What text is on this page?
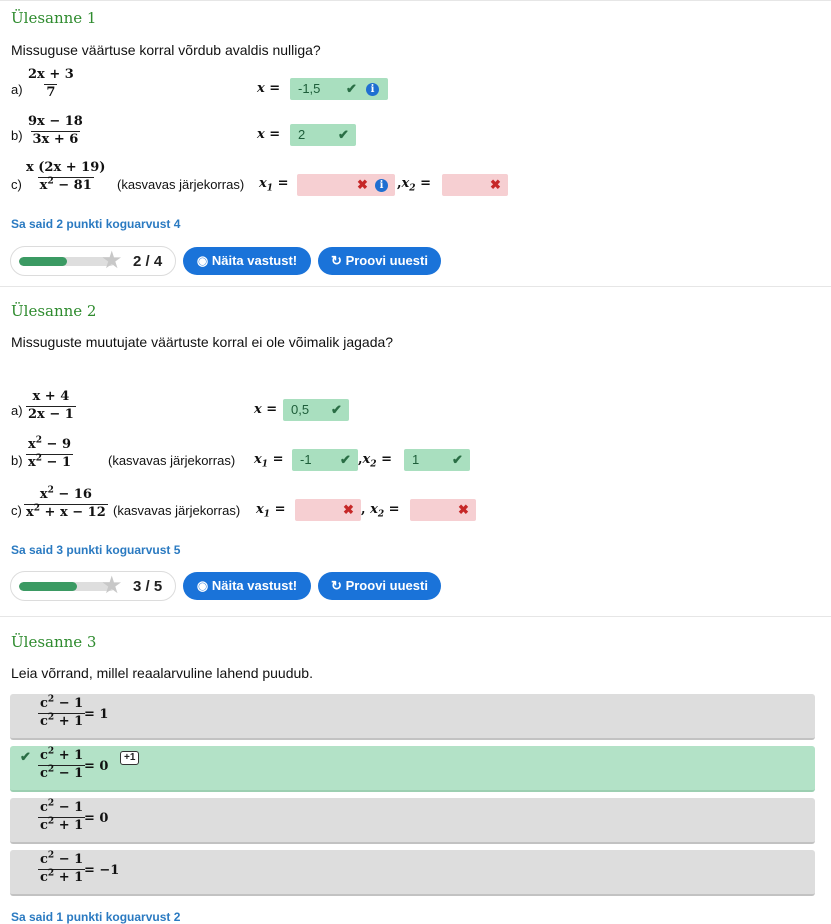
Ülesanne 1
Missuguse väärtuse korral võrdub avaldis nulliga?
$a) \frac{2x + 3}{7}$	x =	-1,5 ✔	i
$b) \frac{9x - 18}{3x + 6}$	x =	2	✔
$c) \frac{x (2x + 19)}{x^2 - 81}$ (kasvavas järjekorras) $x_1$ =	✖	i	$,x_2$ =	✖
Sa said 2 punkti koguarvust 4
★ 2 / 4	◉ Näita vastust!	↻ Proovi uuesti
Ülesanne 2
Missuguste muutujate väärtuste korral ei ole võimalik jagada?
$a) \frac{x + 4}{2x - 1}$	x =	0,5 ✔
$b) \frac{x^2 - 9}{x^2 - 1}$	(kasvavas järjekorras) $x_1$ =	-1 ✔ $,x_2$ =	1	✔
$c) \frac{x^2 - 16}{x^2 + x - 12}$ (kasvavas järjekorras) $x_1$ =	✖ , $x_2$ =	✖
Sa said 3 punkti koguarvust 5
★ 3 / 5	◉ Näita vastust!	↻ Proovi uuesti
Ülesanne 3
Leia võrrand, millel reaalarvuline lahend puudub.
$\frac{c^2 - 1}{c^2 + 1}$
= 1
✔ $\frac{c^2 + 1}{c^2 - 1}$
= 0
+1
$\frac{c^2 - 1}{c^2 + 1}$
= 0
$\frac{c^2 - 1}{c^2 + 1}$
= −1
Sa said 1 punkti koguarvust 2
